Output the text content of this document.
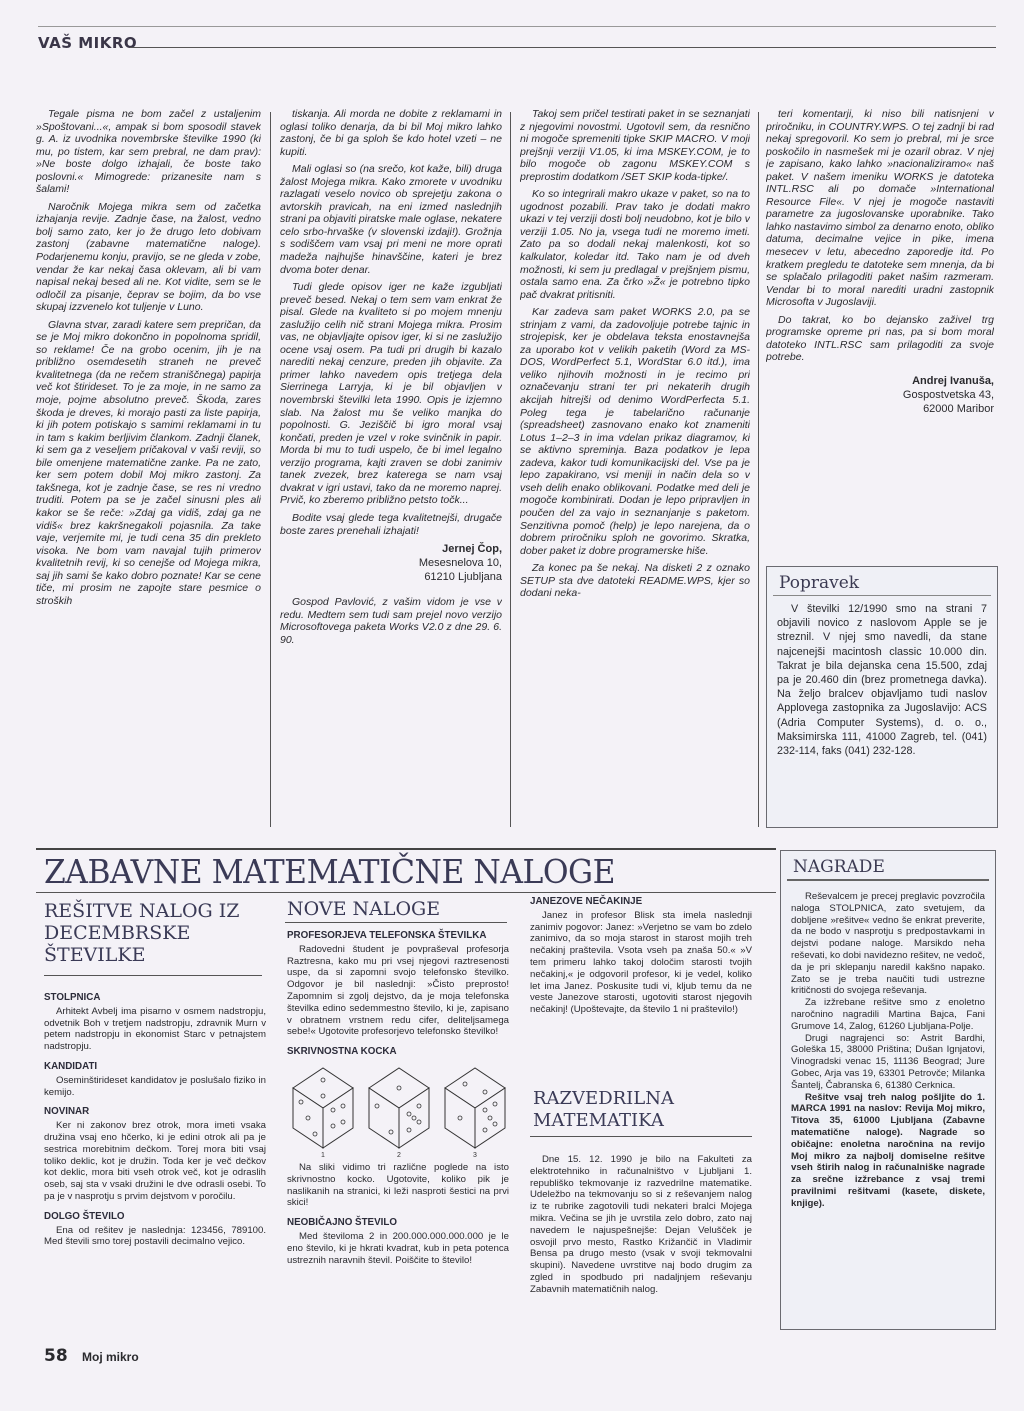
VAŠ MIKRO

Tegale pisma ne bom začel z ustaljenim »Spoštovani...«, ampak si bom sposodil stavek g. A. iz uvodnika novembrske številke 1990 (ki mu, po tistem, kar sem prebral, ne dam prav): »Ne boste dolgo izhajali, če boste tako poslovni.« Mimogrede: prizanesite nam s šalami!

Naročnik Mojega mikra sem od začetka izhajanja revije. Zadnje čase, na žalost, vedno bolj samo zato, ker jo že drugo leto dobivam zastonj (zabavne matematične naloge). Podarjenemu konju, pravijo, se ne gleda v zobe, vendar že kar nekaj časa oklevam, ali bi vam napisal nekaj besed ali ne. Kot vidite, sem se le odločil za pisanje, čeprav se bojim, da bo vse skupaj izzvenelo kot tuljenje v Luno.

Glavna stvar, zaradi katere sem prepričan, da se je Moj mikro dokončno in popolnoma spridil, so reklame! Če na grobo ocenim, jih je na približno osemdesetih straneh ne preveč kvalitetnega (da ne rečem straniščnega) papirja več kot štirideset. To je za moje, in ne samo za moje, pojme absolutno preveč. Škoda, zares škoda je dreves, ki morajo pasti za liste papirja, ki jih potem potiskajo s samimi reklamami in tu in tam s kakim berljivim člankom. Zadnji članek, ki sem ga z veseljem pričakoval v vaši reviji, so bile omenjene matematične zanke. Pa ne zato, ker sem potem dobil Moj mikro zastonj. Za takšnega, kot je zadnje čase, se res ni vredno truditi. Potem pa se je začel sinusni ples ali kakor se še reče: »Zdaj ga vidiš, zdaj ga ne vidiš« brez kakršnegakoli pojasnila. Za take vaje, verjemite mi, je tudi cena 35 din prekleto visoka. Ne bom vam navajal tujih primerov kvalitetnih revij, ki so cenejše od Mojega mikra, saj jih sami še kako dobro poznate! Kar se cene tiče, mi prosim ne zapojte stare pesmice o stroških

tiskanja. Ali morda ne dobite z reklamami in oglasi toliko denarja, da bi bil Moj mikro lahko zastonj, če bi ga sploh še kdo hotel vzeti – ne kupiti.

Mali oglasi so (na srečo, kot kaže, bili) druga žalost Mojega mikra. Kako zmorete v uvodniku razlagati veselo novico ob sprejetju zakona o avtorskih pravicah, na eni izmed naslednjih strani pa objaviti piratske male oglase, nekatere celo srbo-hrvaške (v slovenski izdaji!). Grožnja s sodiščem vam vsaj pri meni ne more oprati madeža najhujše hinavščine, kateri je brez dvoma boter denar.

Tudi glede opisov iger ne kaže izgubljati preveč besed. Nekaj o tem sem vam enkrat že pisal. Glede na kvaliteto si po mojem mnenju zaslužijo celih nič strani Mojega mikra. Prosim vas, ne objavljajte opisov iger, ki si ne zaslužijo ocene vsaj osem. Pa tudi pri drugih bi kazalo narediti nekaj cenzure, preden jih objavite. Za primer lahko navedem opis tretjega dela Sierrinega Larryja, ki je bil objavljen v novembrski številki leta 1990. Opis je izjemno slab. Na žalost mu še veliko manjka do popolnosti. G. Jeziščič bi igro moral vsaj končati, preden je vzel v roke svinčnik in papir. Morda bi mu to tudi uspelo, če bi imel legalno verzijo programa, kajti zraven se dobi zanimiv tanek zvezek, brez katerega se nam vsaj dvakrat v igri ustavi, tako da ne moremo naprej. Prvič, ko zberemo približno petsto točk...

Bodite vsaj glede tega kvalitetnejši, drugače boste zares prenehali izhajati!

Jernej Čop,
Mesesnelova 10,
61210 Ljubljana

Gospod Pavlović, z vašim vidom je vse v redu. Medtem sem tudi sam prejel novo verzijo Microsoftovega paketa Works V2.0 z dne 29. 6. 90.

Takoj sem pričel testirati paket in se seznanjati z njegovimi novostmi. Ugotovil sem, da resnično ni mogoče spremeniti tipke SKIP MACRO. V moji prejšnji verziji V1.05, ki ima MSKEY.COM, je to bilo mogoče ob zagonu MSKEY.COM s preprostim dodatkom /SET SKIP koda-tipke/.

Ko so integrirali makro ukaze v paket, so na to ugodnost pozabili. Prav tako je dodati makro ukazi v tej verziji dosti bolj neudobno, kot je bilo v verziji 1.05. No ja, vsega tudi ne moremo imeti. Zato pa so dodali nekaj malenkosti, kot so kalkulator, koledar itd. Tako nam je od dveh možnosti, ki sem ju predlagal v prejšnjem pismu, ostala samo ena. Za črko »Ž« je potrebno tipko pač dvakrat pritisniti.

Kar zadeva sam paket WORKS 2.0, pa se strinjam z vami, da zadovoljuje potrebe tajnic in strojepisk, ker je obdelava teksta enostavnejša za uporabo kot v velikih paketih (Word za MS-DOS, WordPerfect 5.1, WordStar 6.0 itd.), ima veliko njihovih možnosti in je recimo pri označevanju strani ter pri nekaterih drugih akcijah hitrejši od denimo WordPerfecta 5.1. Poleg tega je tabelarično računanje (spreadsheet) zasnovano enako kot znameniti Lotus 1–2–3 in ima vdelan prikaz diagramov, ki se aktivno spreminja. Baza podatkov je lepa zadeva, kakor tudi komunikacijski del. Vse pa je lepo zapakirano, vsi meniji in način dela so v vseh delih enako oblikovani. Podatke med deli je mogoče kombinirati. Dodan je lepo pripravljen in poučen del za vajo in seznanjanje s paketom. Senzitivna pomoč (help) je lepo narejena, da o dobrem priročniku sploh ne govorimo. Skratka, dober paket iz dobre programerske hiše.

Za konec pa še nekaj. Na disketi 2 z oznako SETUP sta dve datoteki README.WPS, kjer so dodani neka-

teri komentarji, ki niso bili natisnjeni v priročniku, in COUNTRY.WPS. O tej zadnji bi rad nekaj spregovoril. Ko sem jo prebral, mi je srce poskočilo in nasmešek mi je ozaril obraz. V njej je zapisano, kako lahko »nacionaliziramo« naš paket. V našem imeniku WORKS je datoteka INTL.RSC ali po domače »International Resource File«. V njej je mogoče nastaviti parametre za jugoslovanske uporabnike. Tako lahko nastavimo simbol za denarno enoto, obliko datuma, decimalne vejice in pike, imena mesecev v letu, abecedno zaporedje itd. Po kratkem pregledu te datoteke sem mnenja, da bi se splačalo prilagoditi paket našim razmeram. Vendar bi to moral narediti uradni zastopnik Microsofta v Jugoslaviji.

Do takrat, ko bo dejansko zaživel trg programske opreme pri nas, pa si bom moral datoteko INTL.RSC sam prilagoditi za svoje potrebe.

Andrej Ivanuša,
Gospostvetska 43,
62000 Maribor
Popravek

V številki 12/1990 smo na strani 7 objavili novico z naslovom Apple se je streznil. V njej smo navedli, da stane najcenejši macintosh classic 10.000 din. Takrat je bila dejanska cena 15.500, zdaj pa je 20.460 din (brez prometnega davka). Na željo bralcev objavljamo tudi naslov Applovega zastopnika za Jugoslavijo: ACS (Adria Computer Systems), d. o. o., Maksimirska 111, 41000 Zagreb, tel. (041) 232-114, faks (041) 232-128.

ZABAVNE MATEMATIČNE NALOGE
REŠITVE NALOG IZ DECEMBRSKE ŠTEVILKE
STOLPNICA

Arhitekt Avbelj ima pisarno v osmem nadstropju, odvetnik Boh v tretjem nadstropju, zdravnik Murn v petem nadstropju in ekonomist Starc v petnajstem nadstropju.

KANDIDATI

Oseminštirideset kandidatov je poslušalo fiziko in kemijo.

NOVINAR

Ker ni zakonov brez otrok, mora imeti vsaka družina vsaj eno hčerko, ki je edini otrok ali pa je sestrica morebitnim dečkom. Torej mora biti vsaj toliko deklic, kot je družin. Toda ker je več dečkov kot deklic, mora biti vseh otrok več, kot je odraslih oseb, saj sta v vsaki družini le dve odrasli osebi. To pa je v nasprotju s prvim dejstvom v poročilu.

DOLGO ŠTEVILO

Ena od rešitev je naslednja: 123456, 789100. Med števili smo torej postavili decimalno vejico.

NOVE NALOGE
PROFESORJEVA TELEFONSKA ŠTEVILKA

Radovedni študent je povpraševal profesorja Raztresna, kako mu pri vsej njegovi raztresenosti uspe, da si zapomni svojo telefonsko številko. Odgovor je bil naslednji: »Čisto preprosto! Zapomnim si zgolj dejstvo, da je moja telefonska številka edino sedemmestno število, ki je, zapisano v obratnem vrstnem redu cifer, deliteljsamega sebe!« Ugotovite profesorjevo telefonsko številko!

SKRIVNOSTNA KOCKA
1	2	3

Na sliki vidimo tri različne poglede na isto skrivnostno kocko. Ugotovite, koliko pik je naslikanih na stranici, ki leži nasproti šestici na prvi skici!

NEOBIČAJNO ŠTEVILO

Med številoma 2 in 200.000.000.000.000 je le eno število, ki je hkrati kvadrat, kub in peta potenca ustreznih naravnih števil. Poiščite to število!

JANEZOVE NEČAKINJE

Janez in profesor Blisk sta imela naslednji zanimiv pogovor: Janez: »Verjetno se vam bo zdelo zanimivo, da so moja starost in starost mojih treh nečakinj praštevila. Vsota vseh pa znaša 50.« »V tem primeru lahko takoj določim starosti tvojih nečakinj,« je odgovoril profesor, ki je vedel, koliko let ima Janez. Poskusite tudi vi, kljub temu da ne veste Janezove starosti, ugotoviti starost njegovih nečakinj! (Upoštevajte, da število 1 ni praštevilo!)

RAZVEDRILNA MATEMATIKA

Dne 15. 12. 1990 je bilo na Fakulteti za elektrotehniko in računalništvo v Ljubljani 1. republiško tekmovanje iz razvedrilne matematike. Udeležbo na tekmovanju so si z reševanjem nalog iz te rubrike zagotovili tudi nekateri bralci Mojega mikra. Večina se jih je uvrstila zelo dobro, zato naj navedem le najuspešnejše: Dejan Velušček je osvojil prvo mesto, Rastko Križančič in Vladimir Bensa pa drugo mesto (vsak v svoji tekmovalni skupini). Navedene uvrstitve naj bodo drugim za zgled in spodbudo pri nadaljnjem reševanju Zabavnih matematičnih nalog.

NAGRADE

Reševalcem je precej preglavic povzročila naloga STOLPNICA, zato svetujem, da dobljene »rešitve« vedno še enkrat preverite, da ne bodo v nasprotju s predpostavkami in dejstvi podane naloge. Marsikdo neha reševati, ko dobi navidezno rešitev, ne vedoč, da je pri sklepanju naredil kakšno napako. Zato se je treba naučiti tudi ustrezne kritičnosti do svojega reševanja.

Za izžrebane rešitve smo z enoletno naročnino nagradili Martina Bajca, Fani Grumove 14, Zalog, 61260 Ljubljana-Polje.

Drugi nagrajenci so: Astrit Bardhi, Goleška 15, 38000 Priština; Dušan Ignjatovi, Vinogradski venac 15, 11136 Beograd; Jure Gobec, Arja vas 19, 63301 Petrovče; Milanka Šantelj, Čabranska 6, 61380 Cerknica.

Rešitve vsaj treh nalog pošljite do 1. MARCA 1991 na naslov: Revija Moj mikro, Titova 35, 61000 Ljubljana (Zabavne matematične naloge). Nagrade so običajne: enoletna naročnina na revijo Moj mikro za najbolj domiselne rešitve vseh štirih nalog in računalniške nagrade za srečne izžrebance z vsaj tremi pravilnimi rešitvami (kasete, diskete, knjige).

58 Moj mikro
